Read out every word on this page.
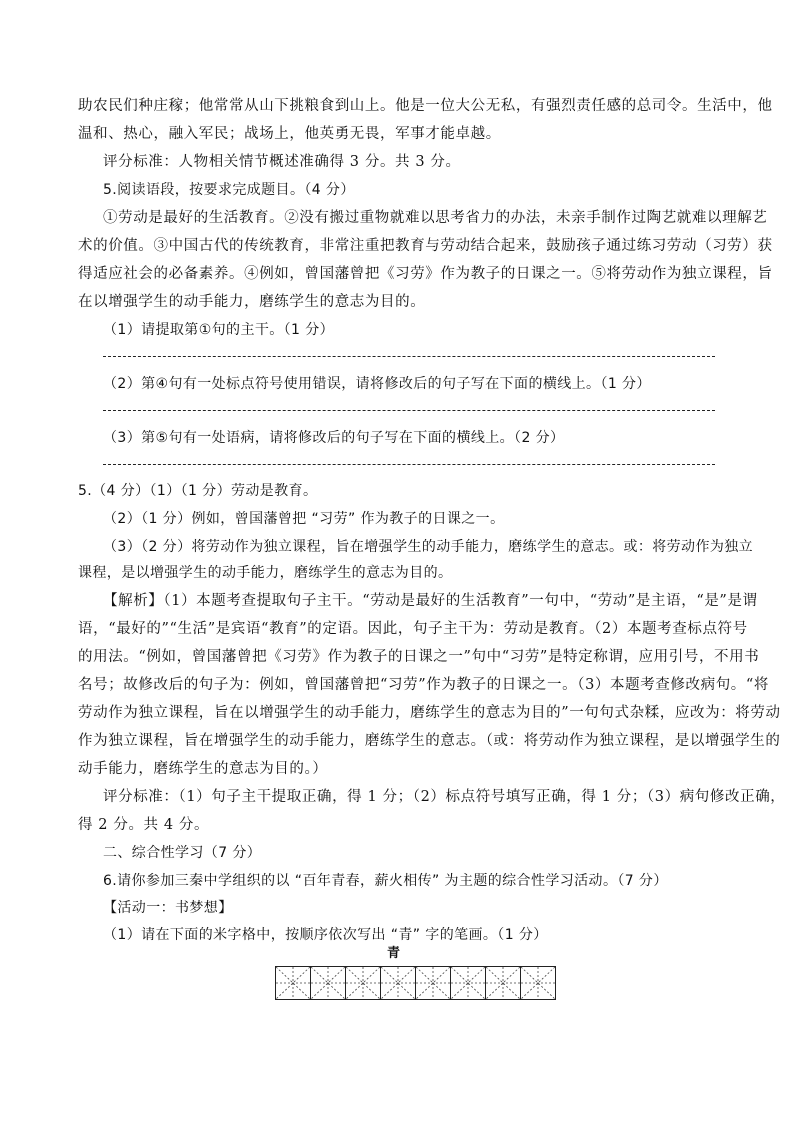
助农民们种庄稼；他常常从山下挑粮食到山上。他是一位大公无私，有强烈责任感的总司令。生活中，他
温和、热心，融入军民；战场上，他英勇无畏，军事才能卓越。
评分标准：人物相关情节概述准确得 3 分。共 3 分。
5.阅读语段，按要求完成题目。（4 分）
①劳动是最好的生活教育。②没有搬过重物就难以思考省力的办法，未亲手制作过陶艺就难以理解艺
术的价值。③中国古代的传统教育，非常注重把教育与劳动结合起来，鼓励孩子通过练习劳动（习劳）获
得适应社会的必备素养。④例如，曾国藩曾把《习劳》作为教子的日课之一。⑤将劳动作为独立课程，旨
在以增强学生的动手能力，磨练学生的意志为目的。
（1）请提取第①句的主干。（1 分）
（2）第④句有一处标点符号使用错误，请将修改后的句子写在下面的横线上。（1 分）
（3）第⑤句有一处语病，请将修改后的句子写在下面的横线上。（2 分）
5.（4 分）（1）（1 分）劳动是教育。
（2）（1 分）例如，曾国藩曾把 “习劳” 作为教子的日课之一。
（3）（2 分）将劳动作为独立课程，旨在增强学生的动手能力，磨练学生的意志。或：将劳动作为独立
课程，是以增强学生的动手能力，磨练学生的意志为目的。
【解析】（1）本题考查提取句子主干。“劳动是最好的生活教育”一句中，“劳动”是主语，“是”是谓
语，“最好的”“生活”是宾语“教育”的定语。因此，句子主干为：劳动是教育。（2）本题考查标点符号
的用法。“例如，曾国藩曾把《习劳》作为教子的日课之一”句中“习劳”是特定称谓，应用引号，不用书
名号；故修改后的句子为：例如，曾国藩曾把“习劳”作为教子的日课之一。（3）本题考查修改病句。“将
劳动作为独立课程，旨在以增强学生的动手能力，磨练学生的意志为目的”一句句式杂糅，应改为：将劳动
作为独立课程，旨在增强学生的动手能力，磨练学生的意志。（或：将劳动作为独立课程，是以增强学生的
动手能力，磨练学生的意志为目的。）
评分标准：（1）句子主干提取正确，得 1 分；（2）标点符号填写正确，得 1 分；（3）病句修改正确，
得 2 分。共 4 分。
二、综合性学习（7 分）
6.请你参加三秦中学组织的以 “百年青春，薪火相传” 为主题的综合性学习活动。（7 分）
【活动一：书梦想】
（1）请在下面的米字格中，按顺序依次写出 “青” 字的笔画。（1 分）
青
